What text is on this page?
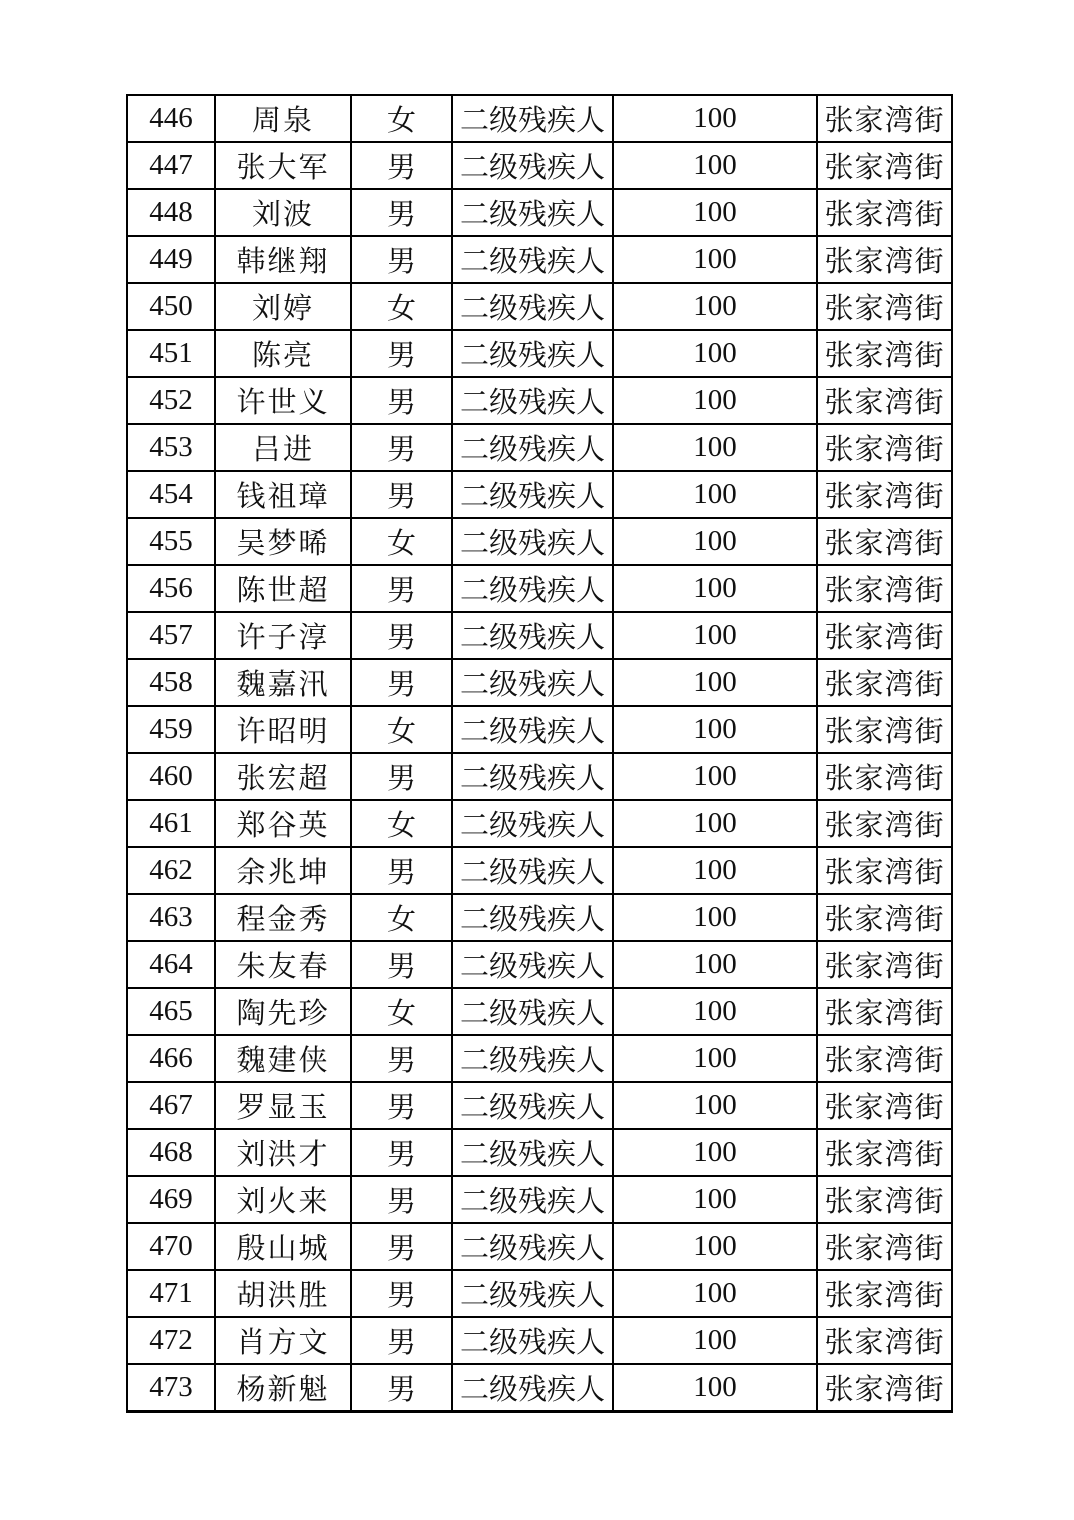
446	周泉	女	二级残疾人	100	张家湾街
447	张大军	男	二级残疾人	100	张家湾街
448	刘波	男	二级残疾人	100	张家湾街
449	韩继翔	男	二级残疾人	100	张家湾街
450	刘婷	女	二级残疾人	100	张家湾街
451	陈亮	男	二级残疾人	100	张家湾街
452	许世义	男	二级残疾人	100	张家湾街
453	吕进	男	二级残疾人	100	张家湾街
454	钱祖璋	男	二级残疾人	100	张家湾街
455	吴梦晞	女	二级残疾人	100	张家湾街
456	陈世超	男	二级残疾人	100	张家湾街
457	许子淳	男	二级残疾人	100	张家湾街
458	魏嘉汛	男	二级残疾人	100	张家湾街
459	许昭明	女	二级残疾人	100	张家湾街
460	张宏超	男	二级残疾人	100	张家湾街
461	郑谷英	女	二级残疾人	100	张家湾街
462	余兆坤	男	二级残疾人	100	张家湾街
463	程金秀	女	二级残疾人	100	张家湾街
464	朱友春	男	二级残疾人	100	张家湾街
465	陶先珍	女	二级残疾人	100	张家湾街
466	魏建侠	男	二级残疾人	100	张家湾街
467	罗显玉	男	二级残疾人	100	张家湾街
468	刘洪才	男	二级残疾人	100	张家湾街
469	刘火来	男	二级残疾人	100	张家湾街
470	殷山城	男	二级残疾人	100	张家湾街
471	胡洪胜	男	二级残疾人	100	张家湾街
472	肖方文	男	二级残疾人	100	张家湾街
473	杨新魁	男	二级残疾人	100	张家湾街
